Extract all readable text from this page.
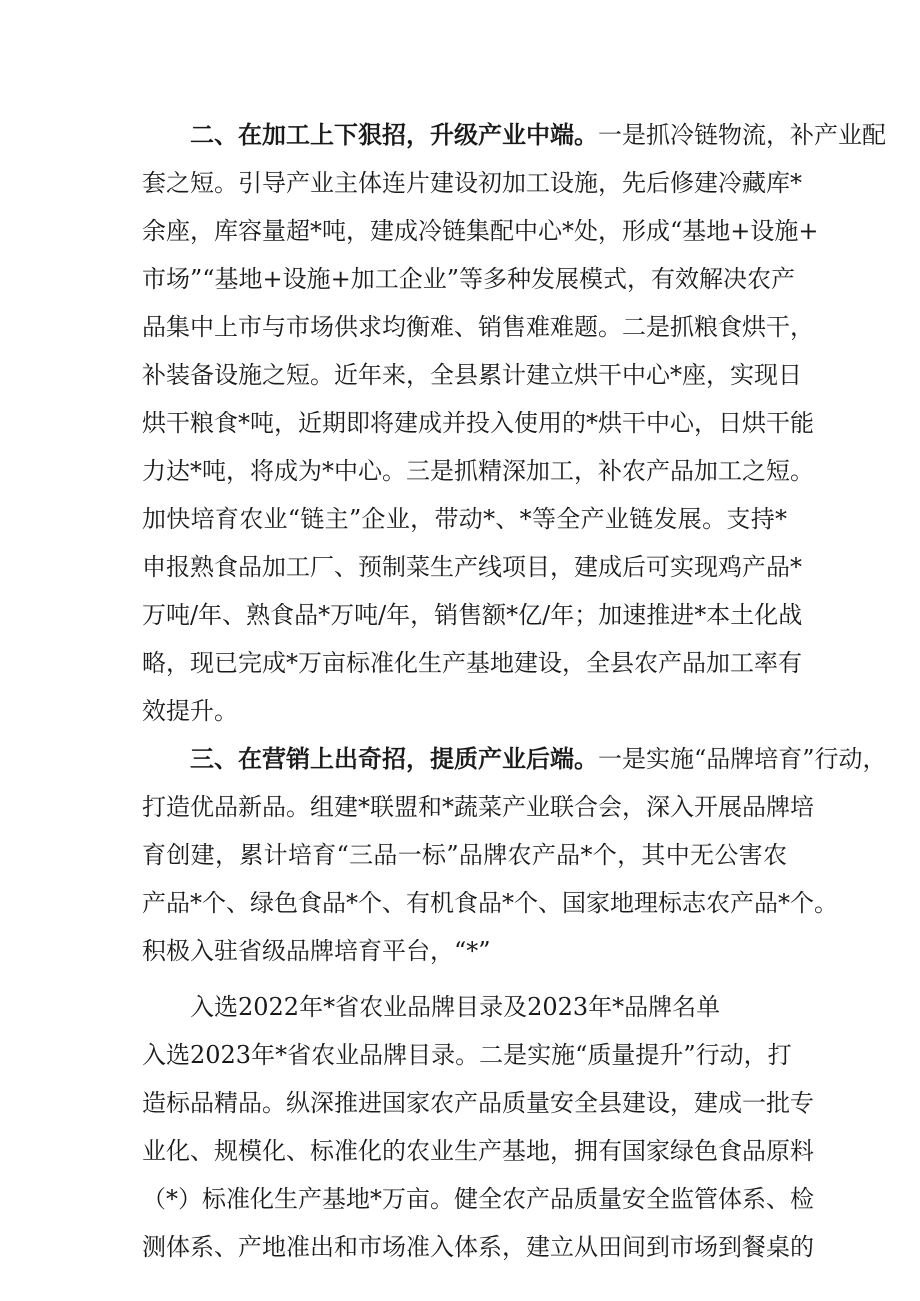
二、在加工上下狠招，升级产业中端。一是抓冷链物流，补产业配
套之短。引导产业主体连片建设初加工设施，先后修建冷藏库*
余座，库容量超*吨，建成冷链集配中心*处，形成“基地+设施+
市场”“基地+设施+加工企业”等多种发展模式，有效解决农产
品集中上市与市场供求均衡难、销售难难题。二是抓粮食烘干，
补装备设施之短。近年来，全县累计建立烘干中心*座，实现日
烘干粮食*吨，近期即将建成并投入使用的*烘干中心，日烘干能
力达*吨，将成为*中心。三是抓精深加工，补农产品加工之短。
加快培育农业“链主”企业，带动*、*等全产业链发展。支持*
申报熟食品加工厂、预制菜生产线项目，建成后可实现鸡产品*
万吨/年、熟食品*万吨/年，销售额*亿/年；加速推进*本土化战
略，现已完成*万亩标准化生产基地建设，全县农产品加工率有
效提升。
三、在营销上出奇招，提质产业后端。一是实施“品牌培育”行动，
打造优品新品。组建*联盟和*蔬菜产业联合会，深入开展品牌培
育创建，累计培育“三品一标”品牌农产品*个，其中无公害农
产品*个、绿色食品*个、有机食品*个、国家地理标志农产品*个。
积极入驻省级品牌培育平台，“*”
入选2022年*省农业品牌目录及2023年*品牌名单
入选2023年*省农业品牌目录。二是实施“质量提升”行动，打
造标品精品。纵深推进国家农产品质量安全县建设，建成一批专
业化、规模化、标准化的农业生产基地，拥有国家绿色食品原料
（*）标准化生产基地*万亩。健全农产品质量安全监管体系、检
测体系、产地准出和市场准入体系，建立从田间到市场到餐桌的
